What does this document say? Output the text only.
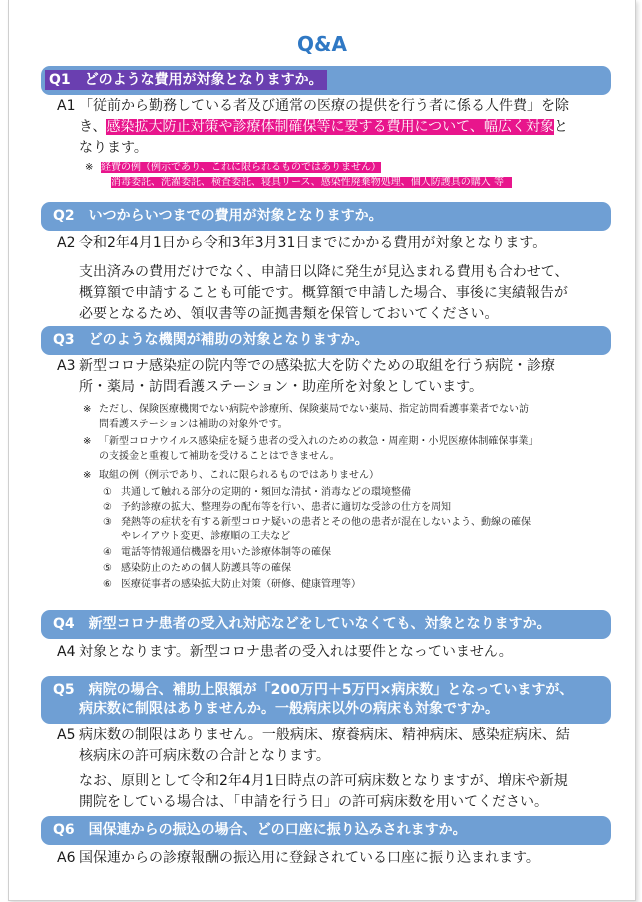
Q&A
Q1　どのような費用が対象となりますか。
A1 「従前から勤務している者及び通常の医療の提供を行う者に係る人件費」を除
き、感染拡大防止対策や診療体制確保等に要する費用について、幅広く対象と
なります。
※ 経費の例（例示であり、これに限られるものではありません）
消毒委託、洗濯委託、検査委託、寝具リース、感染性廃棄物処理、個人防護具の購入 等
Q2　いつからいつまでの費用が対象となりますか。
A2 令和2年4月1日から令和3年3月31日までにかかる費用が対象となります。
支出済みの費用だけでなく、申請日以降に発生が見込まれる費用も合わせて、
概算額で申請することも可能です。概算額で申請した場合、事後に実績報告が
必要となるため、領収書等の証拠書類を保管しておいてください。
Q3　どのような機関が補助の対象となりますか。
A3 新型コロナ感染症の院内等での感染拡大を防ぐための取組を行う病院・診療
所・薬局・訪問看護ステーション・助産所を対象としています。
※ ただし、保険医療機関でない病院や診療所、保険薬局でない薬局、指定訪問看護事業者でない訪
問看護ステーションは補助の対象外です。
※ 「新型コロナウイルス感染症を疑う患者の受入れのための救急・周産期・小児医療体制確保事業」
の支援金と重複して補助を受けることはできません。
※ 取組の例（例示であり、これに限られるものではありません）
① 共通して触れる部分の定期的・頻回な清拭・消毒などの環境整備
② 予約診療の拡大、整理券の配布等を行い、患者に適切な受診の仕方を周知
③ 発熱等の症状を有する新型コロナ疑いの患者とその他の患者が混在しないよう、動線の確保
やレイアウト変更、診療順の工夫など
④ 電話等情報通信機器を用いた診療体制等の確保
⑤ 感染防止のための個人防護具等の確保
⑥ 医療従事者の感染拡大防止対策（研修、健康管理等）
Q4　新型コロナ患者の受入れ対応などをしていなくても、対象となりますか。
A4 対象となります。新型コロナ患者の受入れは要件となっていません。
Q5　病院の場合、補助上限額が「200万円＋5万円×病床数」となっていますが、
病床数に制限はありませんか。一般病床以外の病床も対象ですか。
A5 病床数の制限はありません。一般病床、療養病床、精神病床、感染症病床、結
核病床の許可病床数の合計となります。
なお、原則として令和2年4月1日時点の許可病床数となりますが、増床や新規
開院をしている場合は、「申請を行う日」の許可病床数を用いてください。
Q6　国保連からの振込の場合、どの口座に振り込みされますか。
A6 国保連からの診療報酬の振込用に登録されている口座に振り込まれます。
